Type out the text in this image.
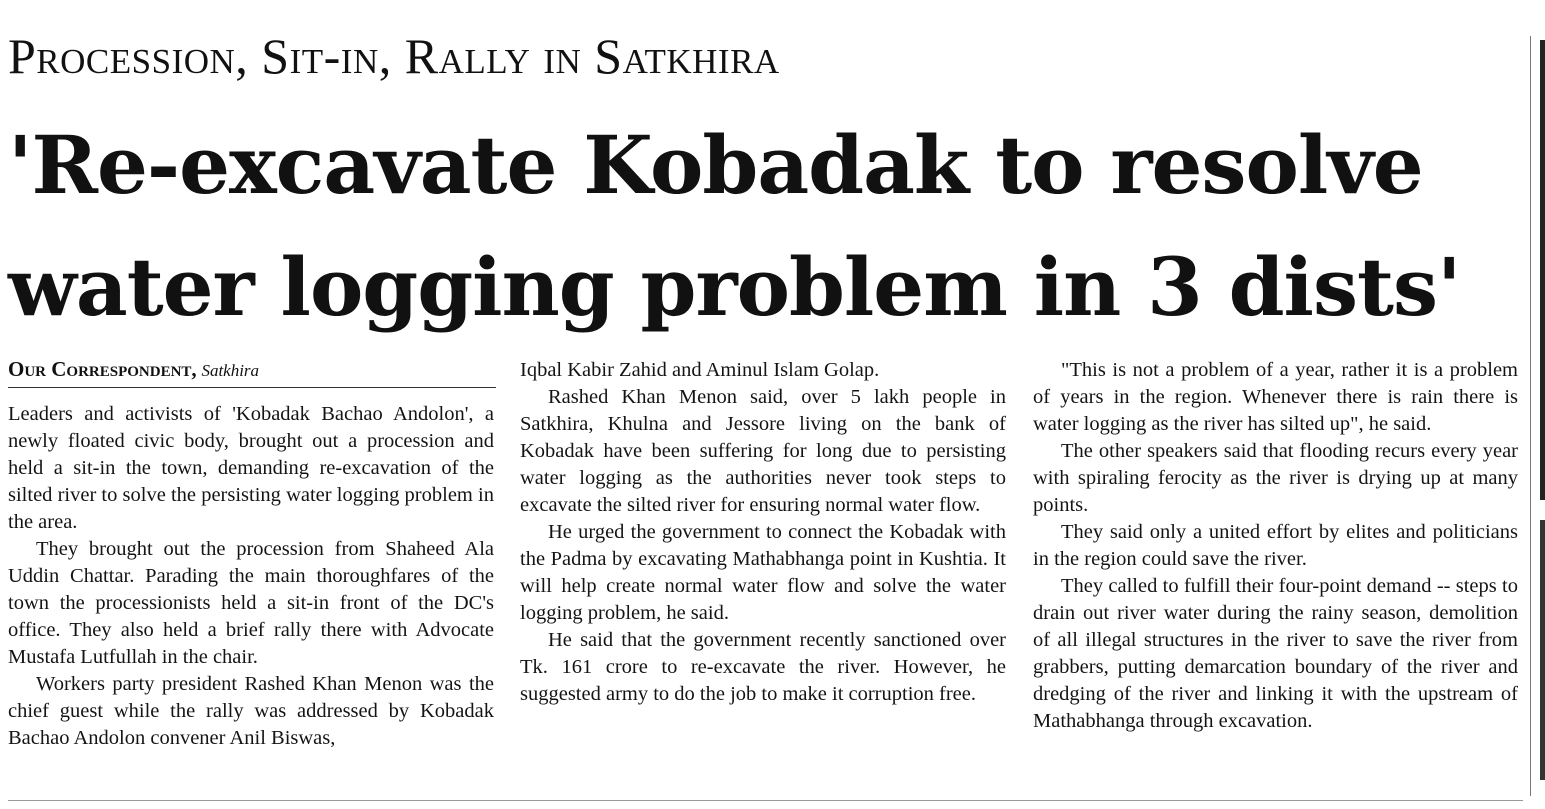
Procession, Sit-in, Rally in Satkhira
'Re-excavate Kobadak to resolve
water logging problem in 3 dists'
Our Correspondent, Satkhira

Leaders and activists of 'Kobadak Bachao Andolon', a newly floated civic body, brought out a procession and held a sit-in the town, demanding re-excavation of the silted river to solve the persisting water logging problem in the area.

They brought out the procession from Shaheed Ala Uddin Chattar. Parading the main thoroughfares of the town the processionists held a sit-in front of the DC's office. They also held a brief rally there with Advocate Mustafa Lutfullah in the chair.

Workers party president Rashed Khan Menon was the chief guest while the rally was addressed by Kobadak Bachao Andolon convener Anil Biswas,

Iqbal Kabir Zahid and Aminul Islam Golap.

Rashed Khan Menon said, over 5 lakh people in Satkhira, Khulna and Jessore living on the bank of Kobadak have been suffering for long due to persisting water logging as the authorities never took steps to excavate the silted river for ensuring normal water flow.

He urged the government to connect the Kobadak with the Padma by excavating Mathabhanga point in Kushtia. It will help create normal water flow and solve the water logging problem, he said.

He said that the government recently sanctioned over Tk. 161 crore to re-excavate the river. However, he suggested army to do the job to make it corruption free.

"This is not a problem of a year, rather it is a problem of years in the region. Whenever there is rain there is water logging as the river has silted up", he said.

The other speakers said that flooding recurs every year with spiraling ferocity as the river is drying up at many points.

They said only a united effort by elites and politicians in the region could save the river.

They called to fulfill their four-point demand -- steps to drain out river water during the rainy season, demolition of all illegal structures in the river to save the river from grabbers, putting demarcation boundary of the river and dredging of the river and linking it with the upstream of Mathabhanga through excavation.
